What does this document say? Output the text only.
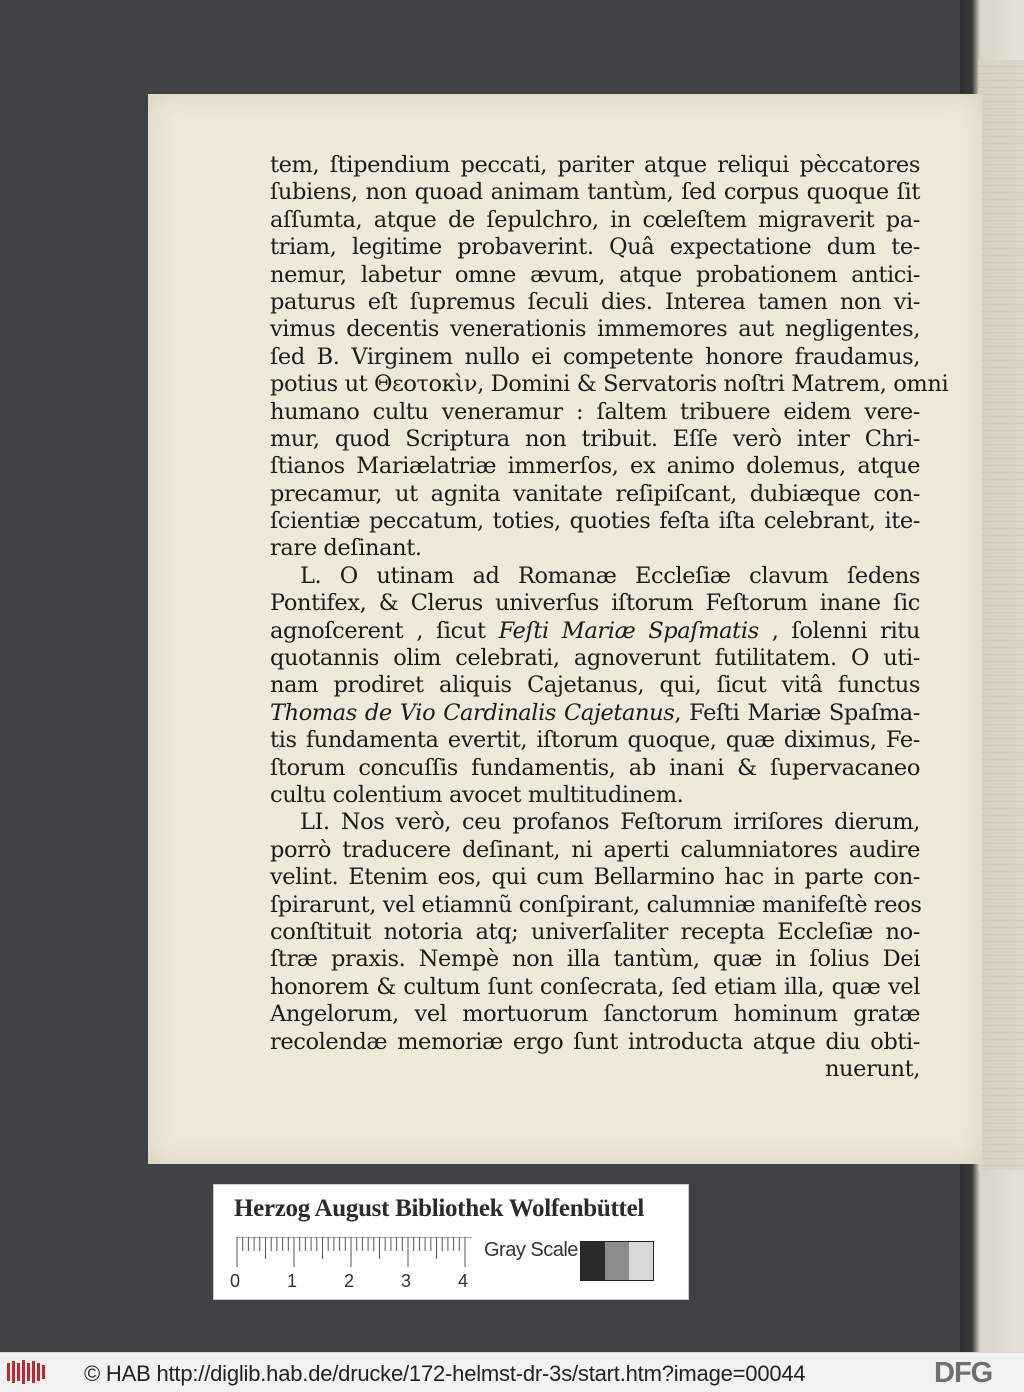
tem, ſtipendium peccati, pariter atque reliqui pèccatores
ſubiens, non quoad animam tantùm, ſed corpus quoque ſit
aſſumta, atque de ſepulchro, in cœleſtem migraverit pa-
triam, legitime probaverint. Quâ expectatione dum te-
nemur, labetur omne ævum, atque probationem antici-
paturus eſt ſupremus ſeculi dies. Interea tamen non vi-
vimus decentis venerationis immemores aut negligentes,
ſed B. Virginem nullo ei competente honore fraudamus,
potius ut Θεοτοκὶν, Domini & Servatoris noſtri Matrem, omni
humano cultu veneramur : ſaltem tribuere eidem vere-
mur, quod Scriptura non tribuit. Eſſe verò inter Chri-
ſtianos Mariælatriæ immerſos, ex animo dolemus, atque
precamur, ut agnita vanitate reſipiſcant, dubiæque con-
ſcientiæ peccatum, toties, quoties feſta iſta celebrant, ite-
rare deſinant.
L. O utinam ad Romanæ Eccleſiæ clavum ſedens
Pontifex, & Clerus univerſus iſtorum Feſtorum inane ſic
agnoſcerent , ſicut Feſti Mariæ Spaſmatis , ſolenni ritu
quotannis olim celebrati, agnoverunt futilitatem. O uti-
nam prodiret aliquis Cajetanus, qui, ſicut vitâ functus
Thomas de Vio Cardinalis Cajetanus, Feſti Mariæ Spaſma-
tis fundamenta evertit, iſtorum quoque, quæ diximus, Fe-
ſtorum concuſſis fundamentis, ab inani & ſupervacaneo
cultu colentium avocet multitudinem.
LI. Nos verò, ceu profanos Feſtorum irriſores dierum,
porrò traducere deſinant, ni aperti calumniatores audire
velint. Etenim eos, qui cum Bellarmino hac in parte con-
ſpirarunt, vel etiamnũ conſpirant, calumniæ manifeſtè reos
conſtituit notoria atq; univerſaliter recepta Eccleſiæ no-
ſtræ praxis. Nempè non illa tantùm, quæ in ſolius Dei
honorem & cultum ſunt conſecrata, ſed etiam illa, quæ vel
Angelorum, vel mortuorum ſanctorum hominum gratæ
recolendæ memoriæ ergo ſunt introducta atque diu obti-
nuerunt,
Herzog August Bibliothek Wolfenbüttel
0	1	2	3	4
Gray Scale
© HAB http://diglib.hab.de/drucke/172-helmst-dr-3s/start.htm?image=00044	DFG
